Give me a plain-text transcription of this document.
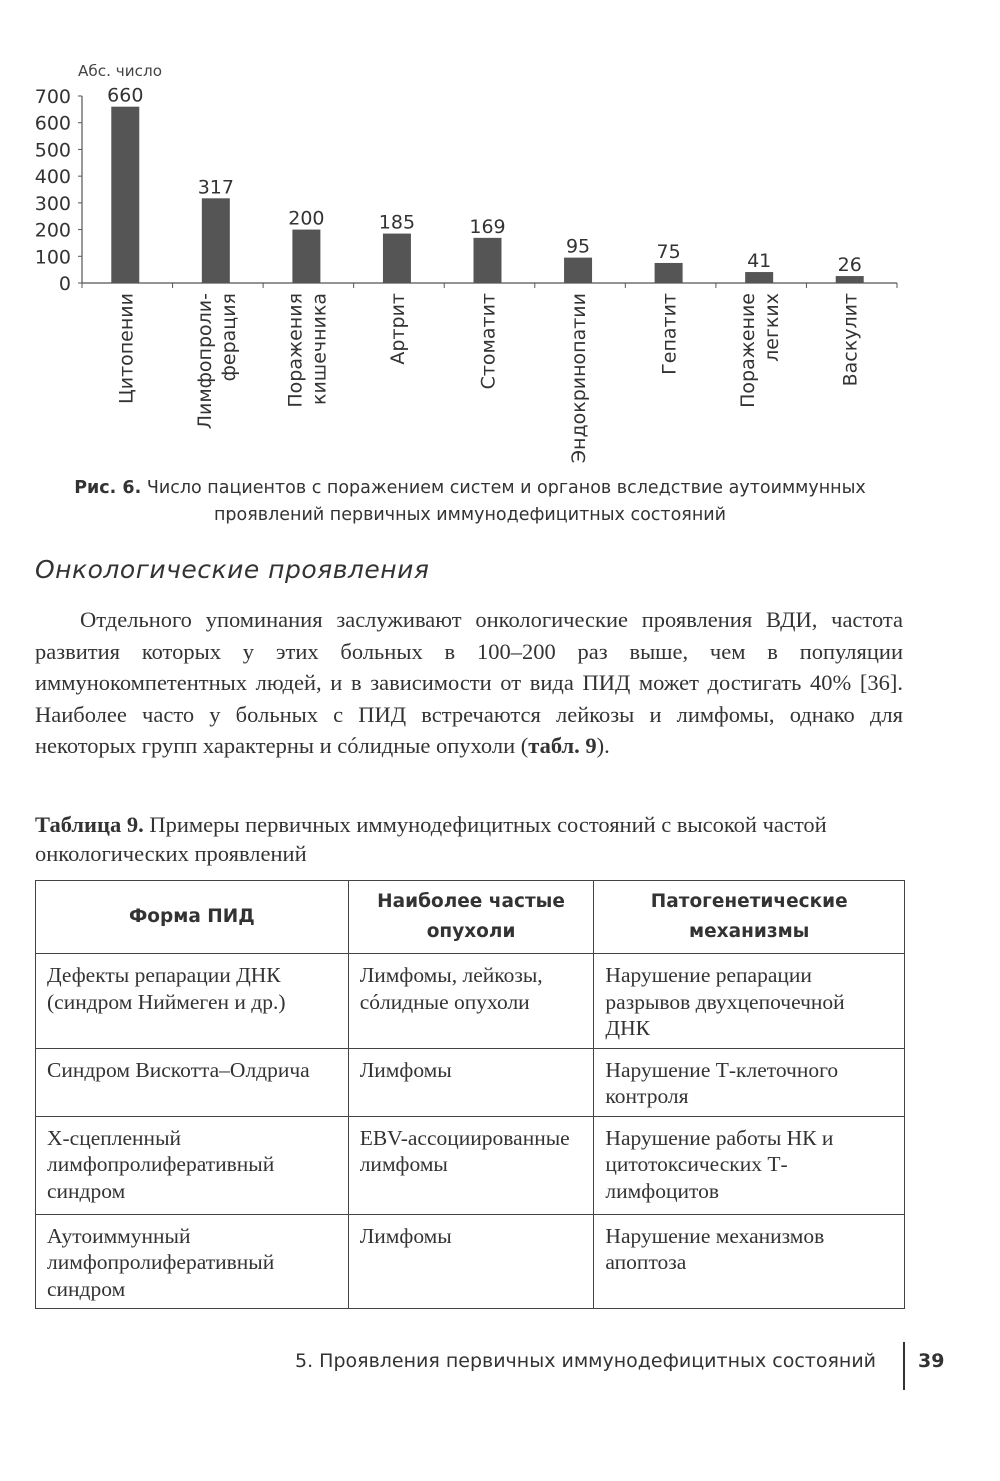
Абс. число
0
100
200
300
400
500
600
700 660
Цитопении
317
Лимфопроли- ферация
200
Поражения кишечника
185
Артрит
169
Стоматит
95
Эндокринопатии
75
Гепатит
41
Поражение легких
26
Васкулит
Рис. 6. Число пациентов с поражением систем и органов вследствие аутоиммунных проявлений первичных иммунодефицитных состояний
Онкологические проявления
Отдельного упоминания заслуживают онкологические проявления ВДИ, частота развития которых у этих больных в 100–200 раз выше, чем в популяции иммунокомпетентных людей, и в зависимости от вида ПИД может достигать 40% [36]. Наиболее часто у больных с ПИД встречаются лейкозы и лимфомы, однако для некоторых групп характерны и сóлидные опухоли (табл. 9).
Таблица 9. Примеры первичных иммунодефицитных состояний с высокой частой онкологических проявлений
Форма ПИД	Наиболее частые опухоли	Патогенетические механизмы
Дефекты репарации ДНК (синдром Ниймеген и др.)	Лимфомы, лейкозы, сóлидные опухоли	Нарушение репарации разрывов двухцепочечной ДНК
Синдром Вискотта–Олдрича	Лимфомы	Нарушение Т-клеточного контроля
Х-сцепленный лимфопролиферативный синдром	EBV-ассоциированные лимфомы	Нарушение работы НК и цитотоксических Т-лимфоцитов
Аутоиммунный лимфопролиферативный синдром	Лимфомы	Нарушение механизмов апоптоза
5. Проявления первичных иммунодефицитных состояний 39
